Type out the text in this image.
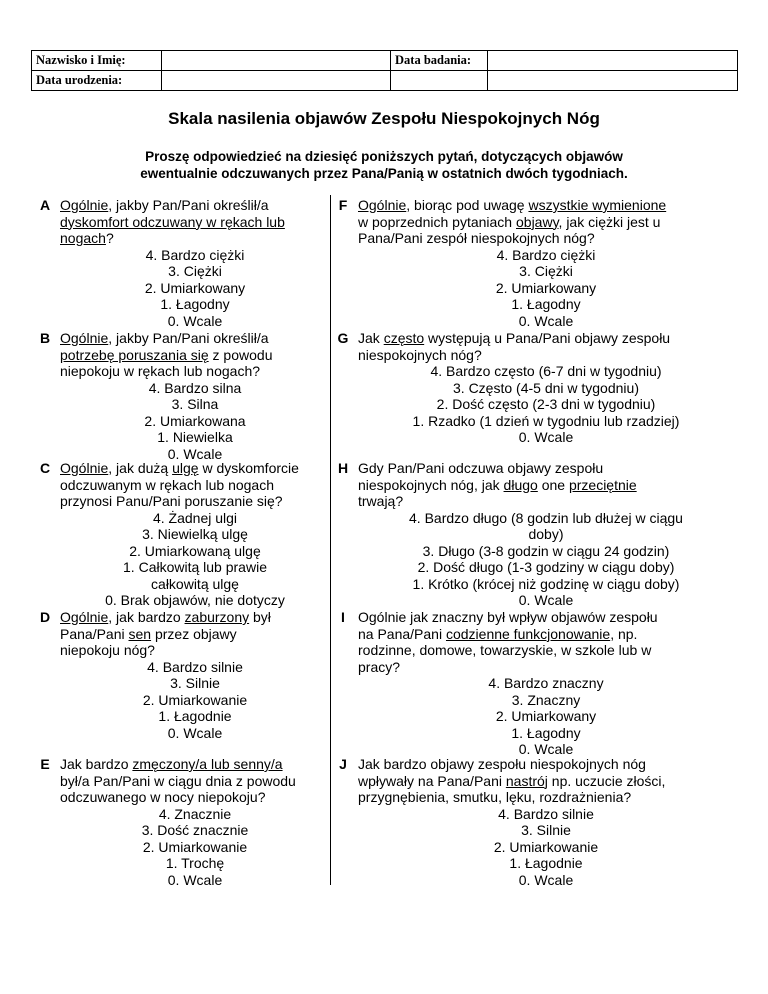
Nazwisko i Imię:		Data badania:	
Data urodzenia:			
Skala nasilenia objawów Zespołu Niespokojnych Nóg
Proszę odpowiedzieć na dziesięć poniższych pytań, dotyczących objawów
ewentualnie odczuwanych przez Pana/Panią w ostatnich dwóch tygodniach.
A Ogólnie, jakby Pan/Pani określił/a
dyskomfort odczuwany w rękach lub
nogach?
4. Bardzo ciężki
3. Ciężki
2. Umiarkowany
1. Łagodny
0. Wcale
B Ogólnie, jakby Pan/Pani określił/a
potrzebę poruszania się z powodu
niepokoju w rękach lub nogach?
4. Bardzo silna
3. Silna
2. Umiarkowana
1. Niewielka
0. Wcale
C Ogólnie, jak dużą ulgę w dyskomforcie
odczuwanym w rękach lub nogach
przynosi Panu/Pani poruszanie się?
4. Żadnej ulgi
3. Niewielką ulgę
2. Umiarkowaną ulgę
1. Całkowitą lub prawie
całkowitą ulgę
0. Brak objawów, nie dotyczy
D Ogólnie, jak bardzo zaburzony był
Pana/Pani sen przez objawy
niepokoju nóg?
4. Bardzo silnie
3. Silnie
2. Umiarkowanie
1. Łagodnie
0. Wcale
E Jak bardzo zmęczony/a lub senny/a
był/a Pan/Pani w ciągu dnia z powodu
odczuwanego w nocy niepokoju?
4. Znacznie
3. Dość znacznie
2. Umiarkowanie
1. Trochę
0. Wcale
F Ogólnie, biorąc pod uwagę wszystkie wymienione
w poprzednich pytaniach objawy, jak ciężki jest u
Pana/Pani zespół niespokojnych nóg?
4. Bardzo ciężki
3. Ciężki
2. Umiarkowany
1. Łagodny
0. Wcale
G Jak często występują u Pana/Pani objawy zespołu
niespokojnych nóg?
4. Bardzo często (6-7 dni w tygodniu)
3. Często (4-5 dni w tygodniu)
2. Dość często (2-3 dni w tygodniu)
1. Rzadko (1 dzień w tygodniu lub rzadziej)
0. Wcale
H Gdy Pan/Pani odczuwa objawy zespołu
niespokojnych nóg, jak długo one przeciętnie
trwają?
4. Bardzo długo (8 godzin lub dłużej w ciągu
doby)
3. Długo (3-8 godzin w ciągu 24 godzin)
2. Dość długo (1-3 godziny w ciągu doby)
1. Krótko (krócej niż godzinę w ciągu doby)
0. Wcale
I Ogólnie jak znaczny był wpływ objawów zespołu
na Pana/Pani codzienne funkcjonowanie, np.
rodzinne, domowe, towarzyskie, w szkole lub w
pracy?
4. Bardzo znaczny
3. Znaczny
2. Umiarkowany
1. Łagodny
0. Wcale
J Jak bardzo objawy zespołu niespokojnych nóg
wpływały na Pana/Pani nastrój np. uczucie złości,
przygnębienia, smutku, lęku, rozdrażnienia?
4. Bardzo silnie
3. Silnie
2. Umiarkowanie
1. Łagodnie
0. Wcale
